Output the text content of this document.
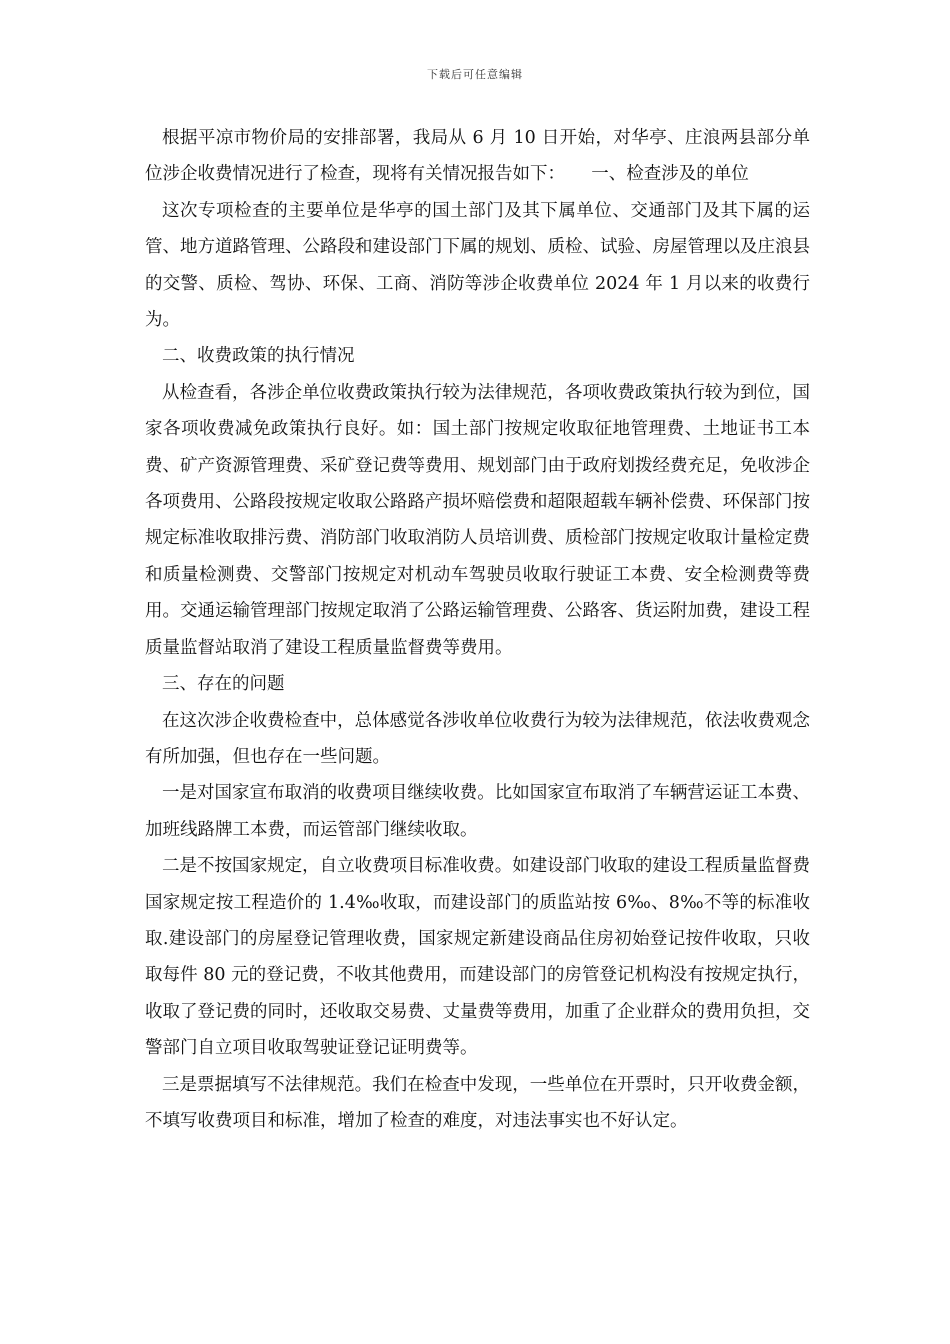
下载后可任意编辑

根据平凉市物价局的安排部署，我局从 6 月 10 日开始，对华亭、庄浪两县部分单位涉企收费情况进行了检查，现将有关情况报告如下：　　一、检查涉及的单位

这次专项检查的主要单位是华亭的国土部门及其下属单位、交通部门及其下属的运管、地方道路管理、公路段和建设部门下属的规划、质检、试验、房屋管理以及庄浪县的交警、质检、驾协、环保、工商、消防等涉企收费单位 2024 年 1 月以来的收费行为。

二、收费政策的执行情况

从检查看，各涉企单位收费政策执行较为法律规范，各项收费政策执行较为到位，国家各项收费减免政策执行良好。如：国土部门按规定收取征地管理费、土地证书工本费、矿产资源管理费、采矿登记费等费用、规划部门由于政府划拨经费充足，免收涉企各项费用、公路段按规定收取公路路产损坏赔偿费和超限超载车辆补偿费、环保部门按规定标准收取排污费、消防部门收取消防人员培训费、质检部门按规定收取计量检定费和质量检测费、交警部门按规定对机动车驾驶员收取行驶证工本费、安全检测费等费用。交通运输管理部门按规定取消了公路运输管理费、公路客、货运附加费，建设工程质量监督站取消了建设工程质量监督费等费用。

三、存在的问题

在这次涉企收费检查中，总体感觉各涉收单位收费行为较为法律规范，依法收费观念有所加强，但也存在一些问题。

一是对国家宣布取消的收费项目继续收费。比如国家宣布取消了车辆营运证工本费、加班线路牌工本费，而运管部门继续收取。

二是不按国家规定，自立收费项目标准收费。如建设部门收取的建设工程质量监督费国家规定按工程造价的 1.4‰收取，而建设部门的质监站按 6‰、8‰不等的标准收取.建设部门的房屋登记管理收费，国家规定新建设商品住房初始登记按件收取，只收取每件 80 元的登记费，不收其他费用，而建设部门的房管登记机构没有按规定执行，收取了登记费的同时，还收取交易费、丈量费等费用，加重了企业群众的费用负担，交警部门自立项目收取驾驶证登记证明费等。

三是票据填写不法律规范。我们在检查中发现，一些单位在开票时，只开收费金额，不填写收费项目和标准，增加了检查的难度，对违法事实也不好认定。
